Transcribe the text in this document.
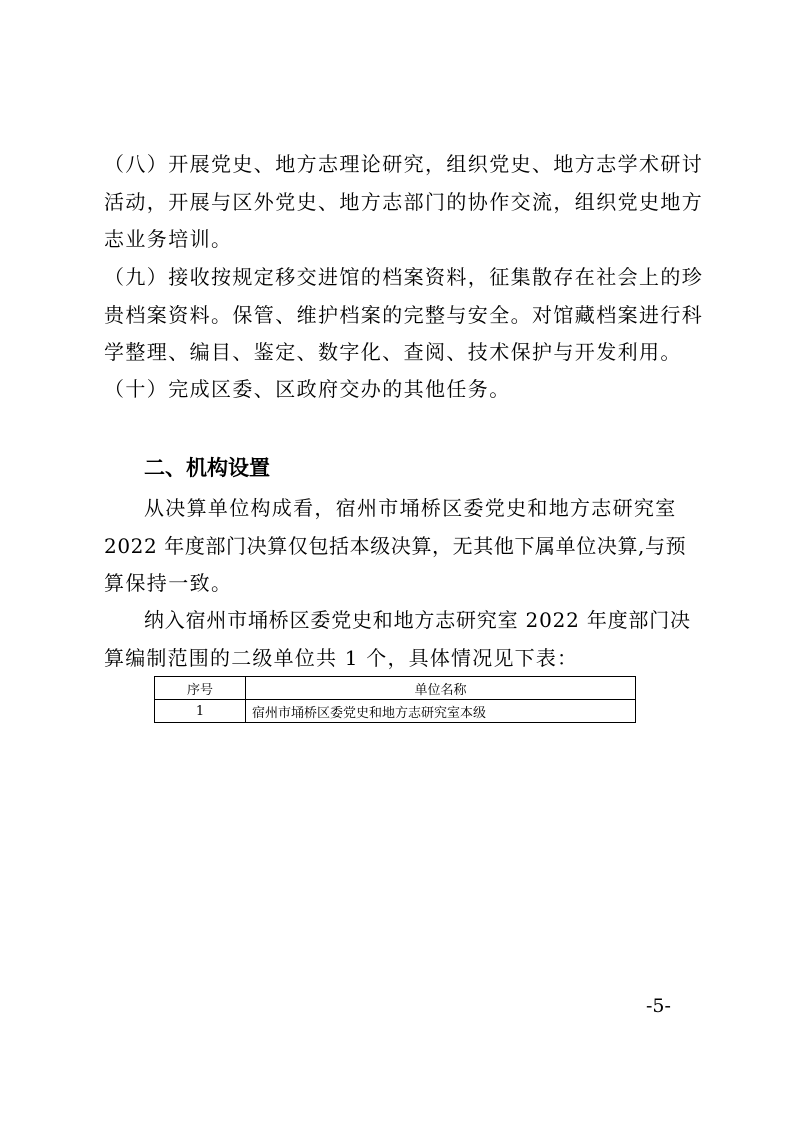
（八）开展党史、地方志理论研究，组织党史、地方志学术研讨
活动，开展与区外党史、地方志部门的协作交流，组织党史地方
志业务培训。

（九）接收按规定移交进馆的档案资料，征集散存在社会上的珍
贵档案资料。保管、维护档案的完整与安全。对馆藏档案进行科
学整理、编目、鉴定、数字化、查阅、技术保护与开发利用。

（十）完成区委、区政府交办的其他任务。

二、机构设置

从决算单位构成看，宿州市埇桥区委党史和地方志研究室
2022 年度部门决算仅包括本级决算，无其他下属单位决算,与预
算保持一致。

纳入宿州市埇桥区委党史和地方志研究室 2022 年度部门决
算编制范围的二级单位共 1 个，具体情况见下表：

序号	单位名称
1	宿州市埇桥区委党史和地方志研究室本级
-5-
